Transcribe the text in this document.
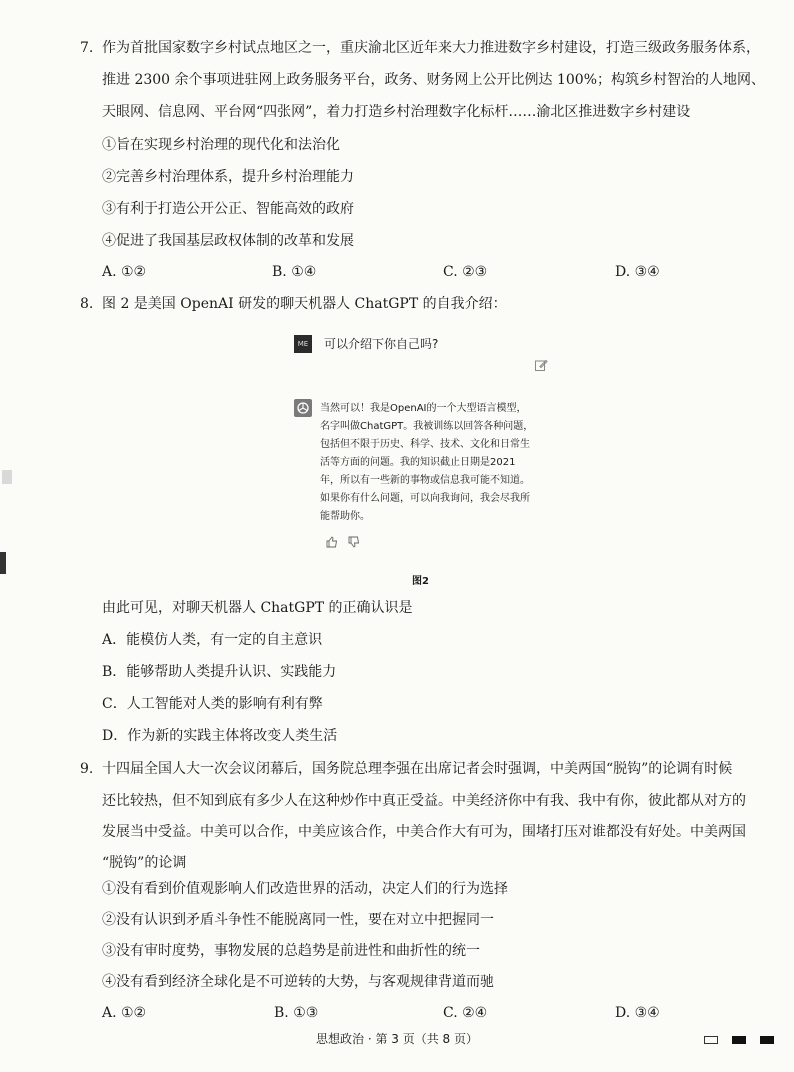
7. 作为首批国家数字乡村试点地区之一，重庆渝北区近年来大力推进数字乡村建设，打造三级政务服务体系，
推进 2300 余个事项进驻网上政务服务平台，政务、财务网上公开比例达 100%；构筑乡村智治的人地网、
天眼网、信息网、平台网“四张网”，着力打造乡村治理数字化标杆……渝北区推进数字乡村建设
①旨在实现乡村治理的现代化和法治化
②完善乡村治理体系，提升乡村治理能力
③有利于打造公开公正、智能高效的政府
④促进了我国基层政权体制的改革和发展
A. ①②	B. ①④	C. ②③	D. ③④
8. 图 2 是美国 OpenAI 研发的聊天机器人 ChatGPT 的自我介绍：
ME	可以介绍下你自己吗?
当然可以！我是OpenAI的一个大型语言模型，
名字叫做ChatGPT。我被训练以回答各种问题，
包括但不限于历史、科学、技术、文化和日常生
活等方面的问题。我的知识截止日期是2021
年，所以有一些新的事物或信息我可能不知道。
如果你有什么问题，可以向我询问，我会尽我所
能帮助你。
图2
由此可见，对聊天机器人 ChatGPT 的正确认识是
A．能模仿人类，有一定的自主意识
B．能够帮助人类提升认识、实践能力
C．人工智能对人类的影响有利有弊
D．作为新的实践主体将改变人类生活
9. 十四届全国人大一次会议闭幕后，国务院总理李强在出席记者会时强调，中美两国“脱钩”的论调有时候
还比较热，但不知到底有多少人在这种炒作中真正受益。中美经济你中有我、我中有你，彼此都从对方的
发展当中受益。中美可以合作，中美应该合作，中美合作大有可为，围堵打压对谁都没有好处。中美两国
“脱钩”的论调
①没有看到价值观影响人们改造世界的活动，决定人们的行为选择
②没有认识到矛盾斗争性不能脱离同一性，要在对立中把握同一
③没有审时度势，事物发展的总趋势是前进性和曲折性的统一
④没有看到经济全球化是不可逆转的大势，与客观规律背道而驰
A. ①②	B. ①③	C. ②④	D. ③④
思想政治 · 第 3 页（共 8 页）
